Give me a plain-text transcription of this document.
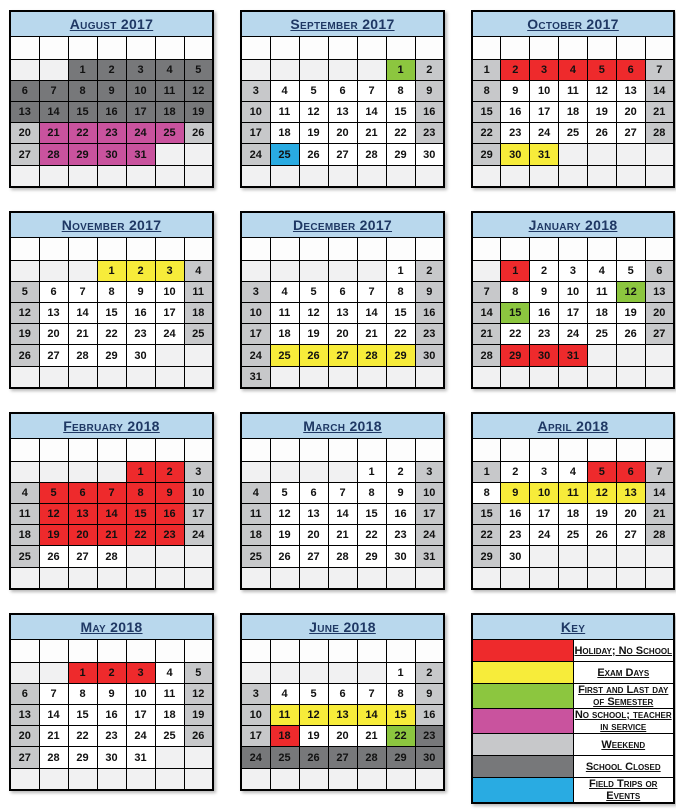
August 2017						

		1	2	3	4	5
6	7	8	9	10	11	12
13	14	15	16	17	18	19
20	21	22	23	24	25	26
27	28	29	30	31		

September 2017						

					1	2
3	4	5	6	7	8	9
10	11	12	13	14	15	16
17	18	19	20	21	22	23
24	25	26	27	28	29	30

October 2017						

1	2	3	4	5	6	7
8	9	10	11	12	13	14
15	16	17	18	19	20	21
22	23	24	25	26	27	28
29	30	31				

November 2017						

			1	2	3	4
5	6	7	8	9	10	11
12	13	14	15	16	17	18
19	20	21	22	23	24	25
26	27	28	29	30		

December 2017						

					1	2
3	4	5	6	7	8	9
10	11	12	13	14	15	16
17	18	19	20	21	22	23
24	25	26	27	28	29	30
31						
January 2018						

	1	2	3	4	5	6
7	8	9	10	11	12	13
14	15	16	17	18	19	20
21	22	23	24	25	26	27
28	29	30	31			

February 2018						

				1	2	3
4	5	6	7	8	9	10
11	12	13	14	15	16	17
18	19	20	21	22	23	24
25	26	27	28			

March 2018						

				1	2	3
4	5	6	7	8	9	10
11	12	13	14	15	16	17
18	19	20	21	22	23	24
25	26	27	28	29	30	31

April 2018						

1	2	3	4	5	6	7
8	9	10	11	12	13	14
15	16	17	18	19	20	21
22	23	24	25	26	27	28
29	30					

May 2018						

		1	2	3	4	5
6	7	8	9	10	11	12
13	14	15	16	17	18	19
20	21	22	23	24	25	26
27	28	29	30	31		

June 2018						

					1	2
3	4	5	6	7	8	9
10	11	12	13	14	15	16
17	18	19	20	21	22	23
24	25	26	27	28	29	30

Key	
	Holiday; No School
	Exam Days
	First and Last day of Semester
	No school; teacher in service
	Weekend
	School Closed
	Field Trips or Events
